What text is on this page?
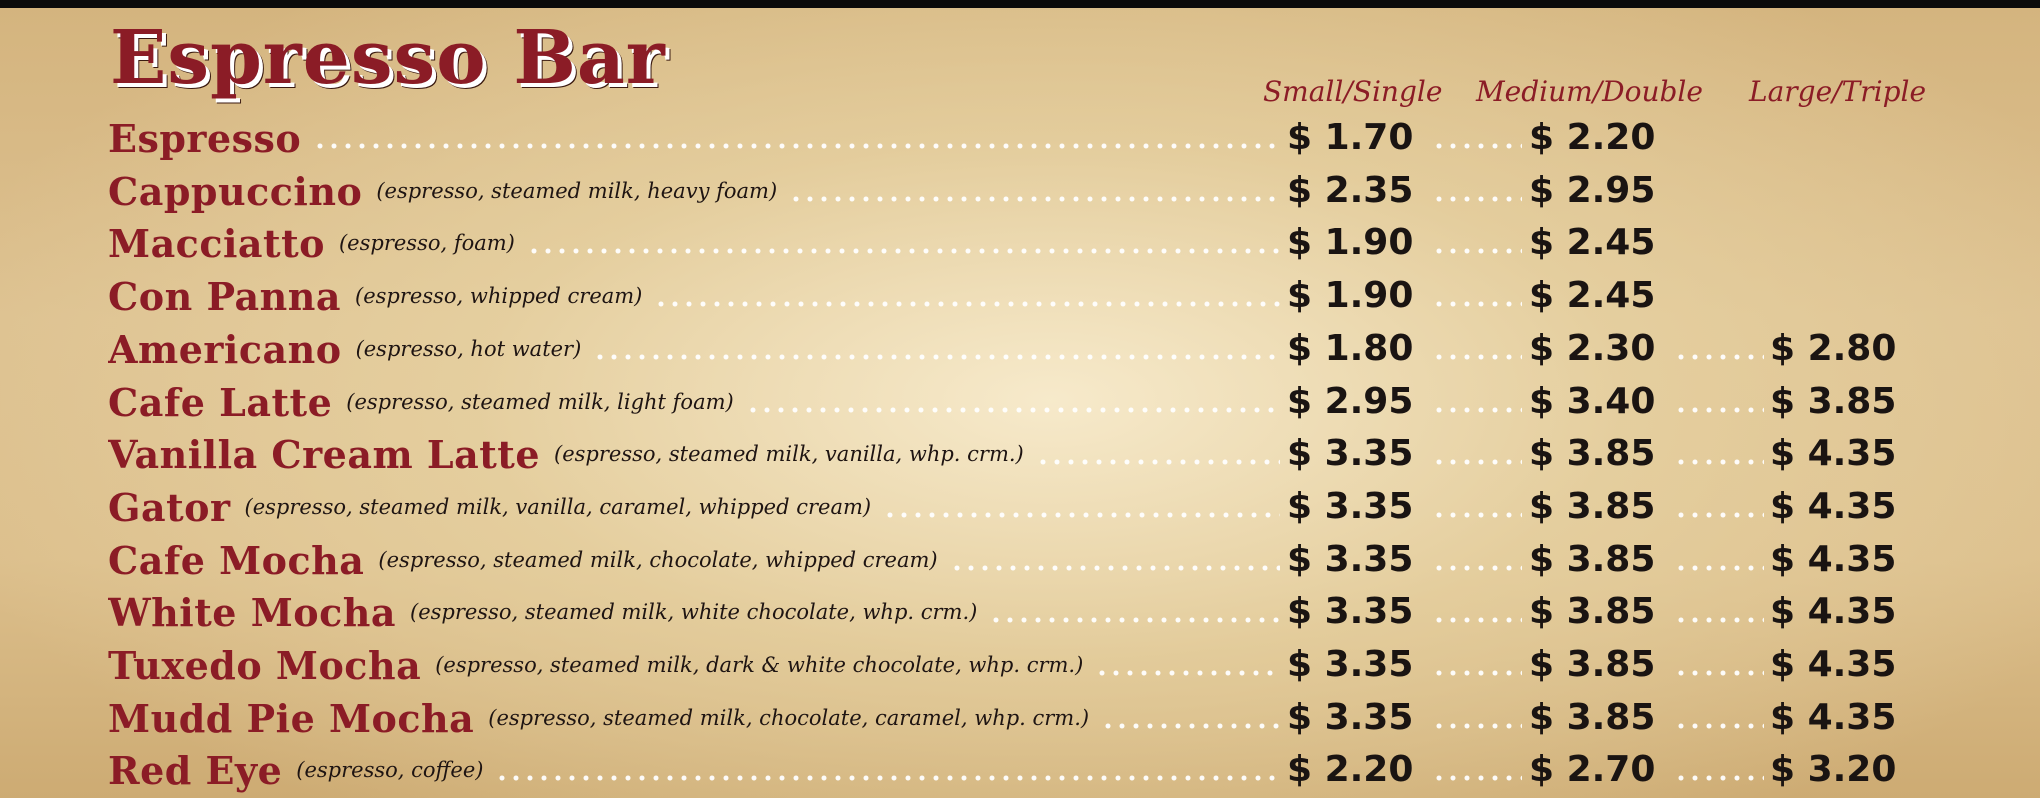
Espresso Bar	Small/Single Medium/Double Large/Triple
Espresso	$ 1.70	$ 2.20
Cappuccino (espresso, steamed milk, heavy foam)	$ 2.35	$ 2.95
Macciatto (espresso, foam)	$ 1.90	$ 2.45
Con Panna (espresso, whipped cream)	$ 1.90	$ 2.45
Americano (espresso, hot water)	$ 1.80	$ 2.30	$ 2.80
Cafe Latte (espresso, steamed milk, light foam)	$ 2.95	$ 3.40	$ 3.85
Vanilla Cream Latte (espresso, steamed milk, vanilla, whp. crm.)	$ 3.35	$ 3.85	$ 4.35
Gator (espresso, steamed milk, vanilla, caramel, whipped cream)	$ 3.35	$ 3.85	$ 4.35
Cafe Mocha (espresso, steamed milk, chocolate, whipped cream)	$ 3.35	$ 3.85	$ 4.35
White Mocha (espresso, steamed milk, white chocolate, whp. crm.)	$ 3.35	$ 3.85	$ 4.35
Tuxedo Mocha (espresso, steamed milk, dark & white chocolate, whp. crm.)	$ 3.35	$ 3.85	$ 4.35
Mudd Pie Mocha (espresso, steamed milk, chocolate, caramel, whp. crm.)	$ 3.35	$ 3.85	$ 4.35
Red Eye (espresso, coffee)	$ 2.20	$ 2.70	$ 3.20
